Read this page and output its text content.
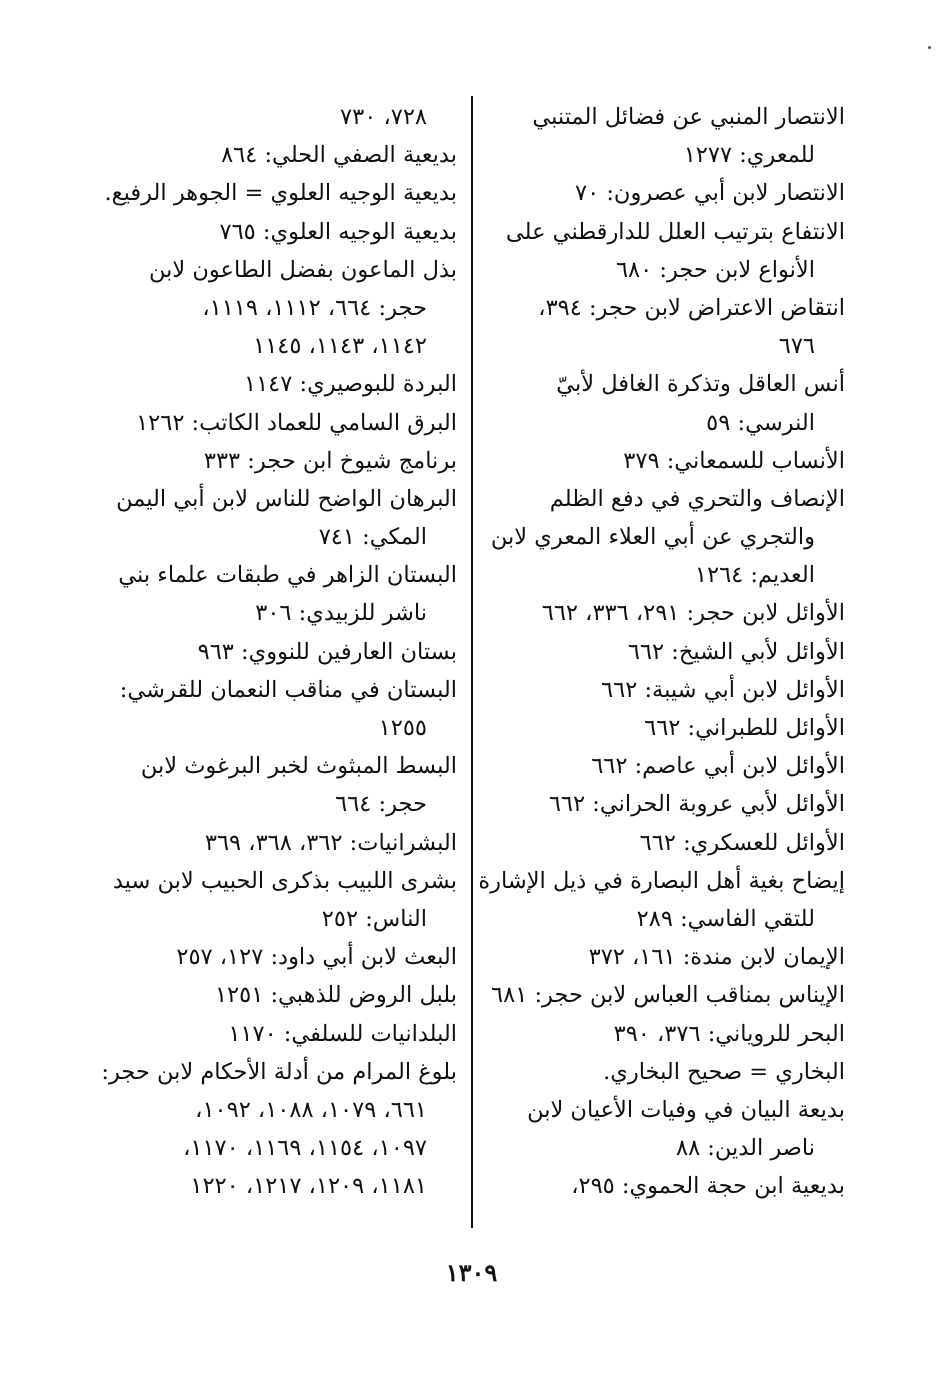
الانتصار المنبي عن فضائل المتنبي
للمعري: ١٢٧٧
الانتصار لابن أبي عصرون: ٧٠
الانتفاع بترتيب العلل للدارقطني على
الأنواع لابن حجر: ٦٨٠
انتقاض الاعتراض لابن حجر: ٣٩٤،
٦٧٦
أنس العاقل وتذكرة الغافل لأبيّ
النرسي: ٥٩
الأنساب للسمعاني: ٣٧٩
الإنصاف والتحري في دفع الظلم
والتجري عن أبي العلاء المعري لابن
العديم: ١٢٦٤
الأوائل لابن حجر: ٢٩١، ٣٣٦، ٦٦٢
الأوائل لأبي الشيخ: ٦٦٢
الأوائل لابن أبي شيبة: ٦٦٢
الأوائل للطبراني: ٦٦٢
الأوائل لابن أبي عاصم: ٦٦٢
الأوائل لأبي عروبة الحراني: ٦٦٢
الأوائل للعسكري: ٦٦٢
إيضاح بغية أهل البصارة في ذيل الإشارة
للتقي الفاسي: ٢٨٩
الإيمان لابن مندة: ١٦١، ٣٧٢
الإيناس بمناقب العباس لابن حجر: ٦٨١
البحر للروياني: ٣٧٦، ٣٩٠
البخاري = صحيح البخاري.
بديعة البيان في وفيات الأعيان لابن
ناصر الدين: ٨٨
بديعية ابن حجة الحموي: ٢٩٥،
٧٢٨، ٧٣٠
بديعية الصفي الحلي: ٨٦٤
بديعية الوجيه العلوي = الجوهر الرفيع.
بديعية الوجيه العلوي: ٧٦٥
بذل الماعون بفضل الطاعون لابن
حجر: ٦٦٤، ١١١٢، ١١١٩،
١١٤٢، ١١٤٣، ١١٤٥
البردة للبوصيري: ١١٤٧
البرق السامي للعماد الكاتب: ١٢٦٢
برنامج شيوخ ابن حجر: ٣٣٣
البرهان الواضح للناس لابن أبي اليمن
المكي: ٧٤١
البستان الزاهر في طبقات علماء بني
ناشر للزبيدي: ٣٠٦
بستان العارفين للنووي: ٩٦٣
البستان في مناقب النعمان للقرشي:
١٢٥٥
البسط المبثوث لخبر البرغوث لابن
حجر: ٦٦٤
البشرانيات: ٣٦٢، ٣٦٨، ٣٦٩
بشرى اللبيب بذكرى الحبيب لابن سيد
الناس: ٢٥٢
البعث لابن أبي داود: ١٢٧، ٢٥٧
بلبل الروض للذهبي: ١٢٥١
البلدانيات للسلفي: ١١٧٠
بلوغ المرام من أدلة الأحكام لابن حجر:
٦٦١، ١٠٧٩، ١٠٨٨، ١٠٩٢،
١٠٩٧، ١١٥٤، ١١٦٩، ١١٧٠،
١١٨١، ١٢٠٩، ١٢١٧، ١٢٢٠
١٣٠٩
